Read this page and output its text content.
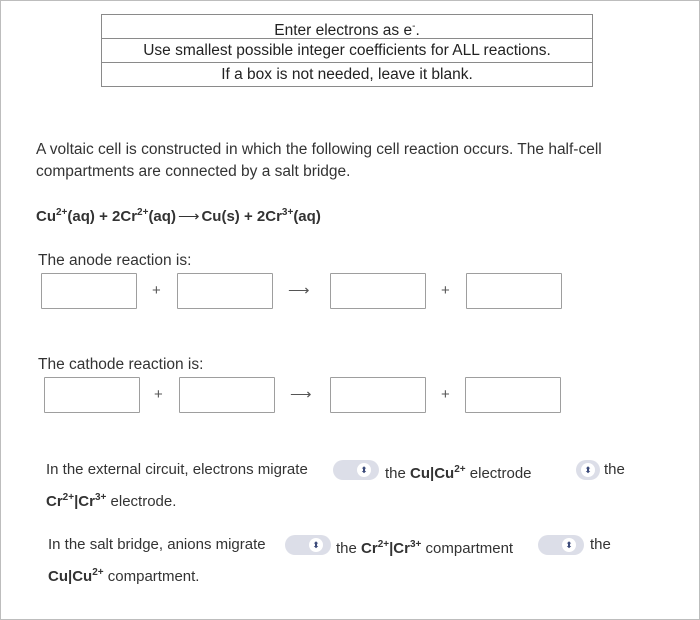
Enter electrons as e-.
Use smallest possible integer coefficients for ALL reactions.
If a box is not needed, leave it blank.
A voltaic cell is constructed in which the following cell reaction occurs. The half-cell compartments are connected by a salt bridge.
$Cu^{2+}(aq) + 2Cr^{2+}(aq)$ ⟶ $Cu(s) + 2Cr^{3+}(aq)$
The anode reaction is:
+	⟶	+
The cathode reaction is:
+	⟶	+
In the external circuit, electrons migrate	⬍ the $Cu|Cu^{2+}$ electrode	⬍ the
$Cr^{2+}|Cr^{3+}$ electrode.
In the salt bridge, anions migrate	⬍ the $Cr^{2+}|Cr^{3+}$ compartment	⬍ the
$Cu|Cu^{2+}$ compartment.
